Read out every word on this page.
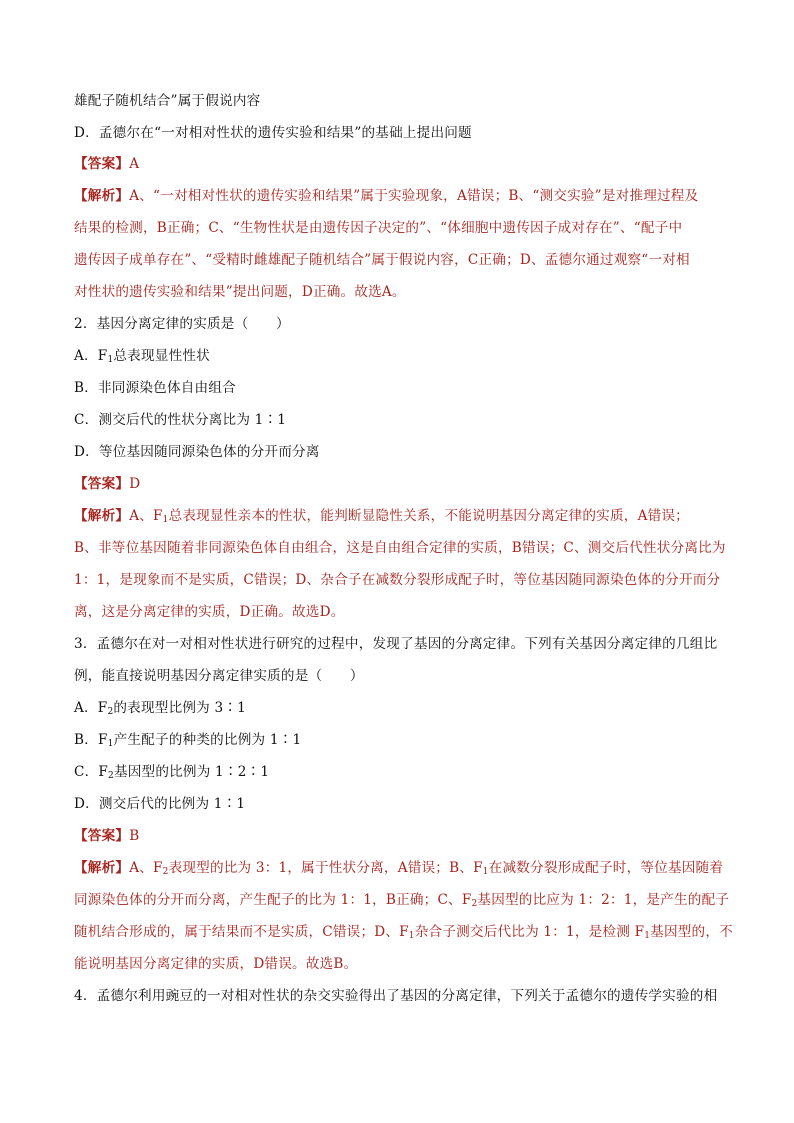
雄配子随机结合”属于假说内容
D．孟德尔在“一对相对性状的遗传实验和结果”的基础上提出问题
【答案】A
【解析】A、“一对相对性状的遗传实验和结果”属于实验现象，A错误；B、“测交实验”是对推理过程及
结果的检测，B正确；C、“生物性状是由遗传因子决定的”、“体细胞中遗传因子成对存在”、“配子中
遗传因子成单存在”、“受精时雌雄配子随机结合”属于假说内容，C正确；D、孟德尔通过观察“一对相
对性状的遗传实验和结果”提出问题，D正确。故选A。
2．基因分离定律的实质是（　　）
A．$F_1$总表现显性性状
B．非同源染色体自由组合
C．测交后代的性状分离比为 1∶1
D．等位基因随同源染色体的分开而分离
【答案】D
【解析】A、$F_1$总表现显性亲本的性状，能判断显隐性关系，不能说明基因分离定律的实质，A错误；
B、非等位基因随着非同源染色体自由组合，这是自由组合定律的实质，B错误；C、测交后代性状分离比为
1：1，是现象而不是实质，C错误；D、杂合子在减数分裂形成配子时，等位基因随同源染色体的分开而分
离，这是分离定律的实质，D正确。故选D。
3．孟德尔在对一对相对性状进行研究的过程中，发现了基因的分离定律。下列有关基因分离定律的几组比
例，能直接说明基因分离定律实质的是（　　）
A．$F_2$的表现型比例为 3∶1
B．$F_1$产生配子的种类的比例为 1∶1
C．$F_2$基因型的比例为 1∶2∶1
D．测交后代的比例为 1∶1
【答案】B
【解析】A、$F_2$表现型的比为 3：1，属于性状分离，A错误；B、$F_1$在减数分裂形成配子时，等位基因随着
同源染色体的分开而分离，产生配子的比为 1：1，B正确；C、$F_2$基因型的比应为 1：2：1，是产生的配子
随机结合形成的，属于结果而不是实质，C错误；D、$F_1$杂合子测交后代比为 1：1，是检测 $F_1$基因型的，不
能说明基因分离定律的实质，D错误。故选B。
4．孟德尔利用豌豆的一对相对性状的杂交实验得出了基因的分离定律，下列关于孟德尔的遗传学实验的相
